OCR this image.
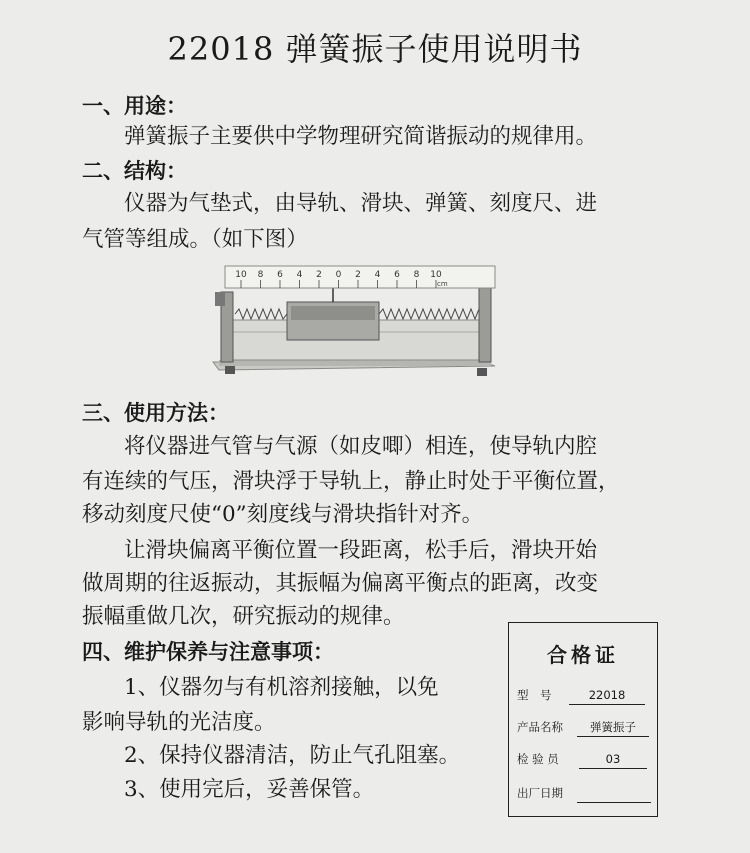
22018 弹簧振子使用说明书
一、用途：
弹簧振子主要供中学物理研究简谐振动的规律用。
二、结构：
仪器为气垫式，由导轨、滑块、弹簧、刻度尺、进
气管等组成。（如下图）
10 8 6 4 2 0 2 4 6 8 10
cm
三、使用方法：
将仪器进气管与气源（如皮唧）相连，使导轨内腔
有连续的气压，滑块浮于导轨上，静止时处于平衡位置，
移动刻度尺使“0”刻度线与滑块指针对齐。
让滑块偏离平衡位置一段距离，松手后，滑块开始
做周期的往返振动，其振幅为偏离平衡点的距离，改变
振幅重做几次，研究振动的规律。
四、维护保养与注意事项：
1、仪器勿与有机溶剂接触，以免
影响导轨的光洁度。
2、保持仪器清洁，防止气孔阻塞。
3、使用完后，妥善保管。
合格证
型　号	22018
产品名称	弹簧振子
检 验 员	03
出厂日期
